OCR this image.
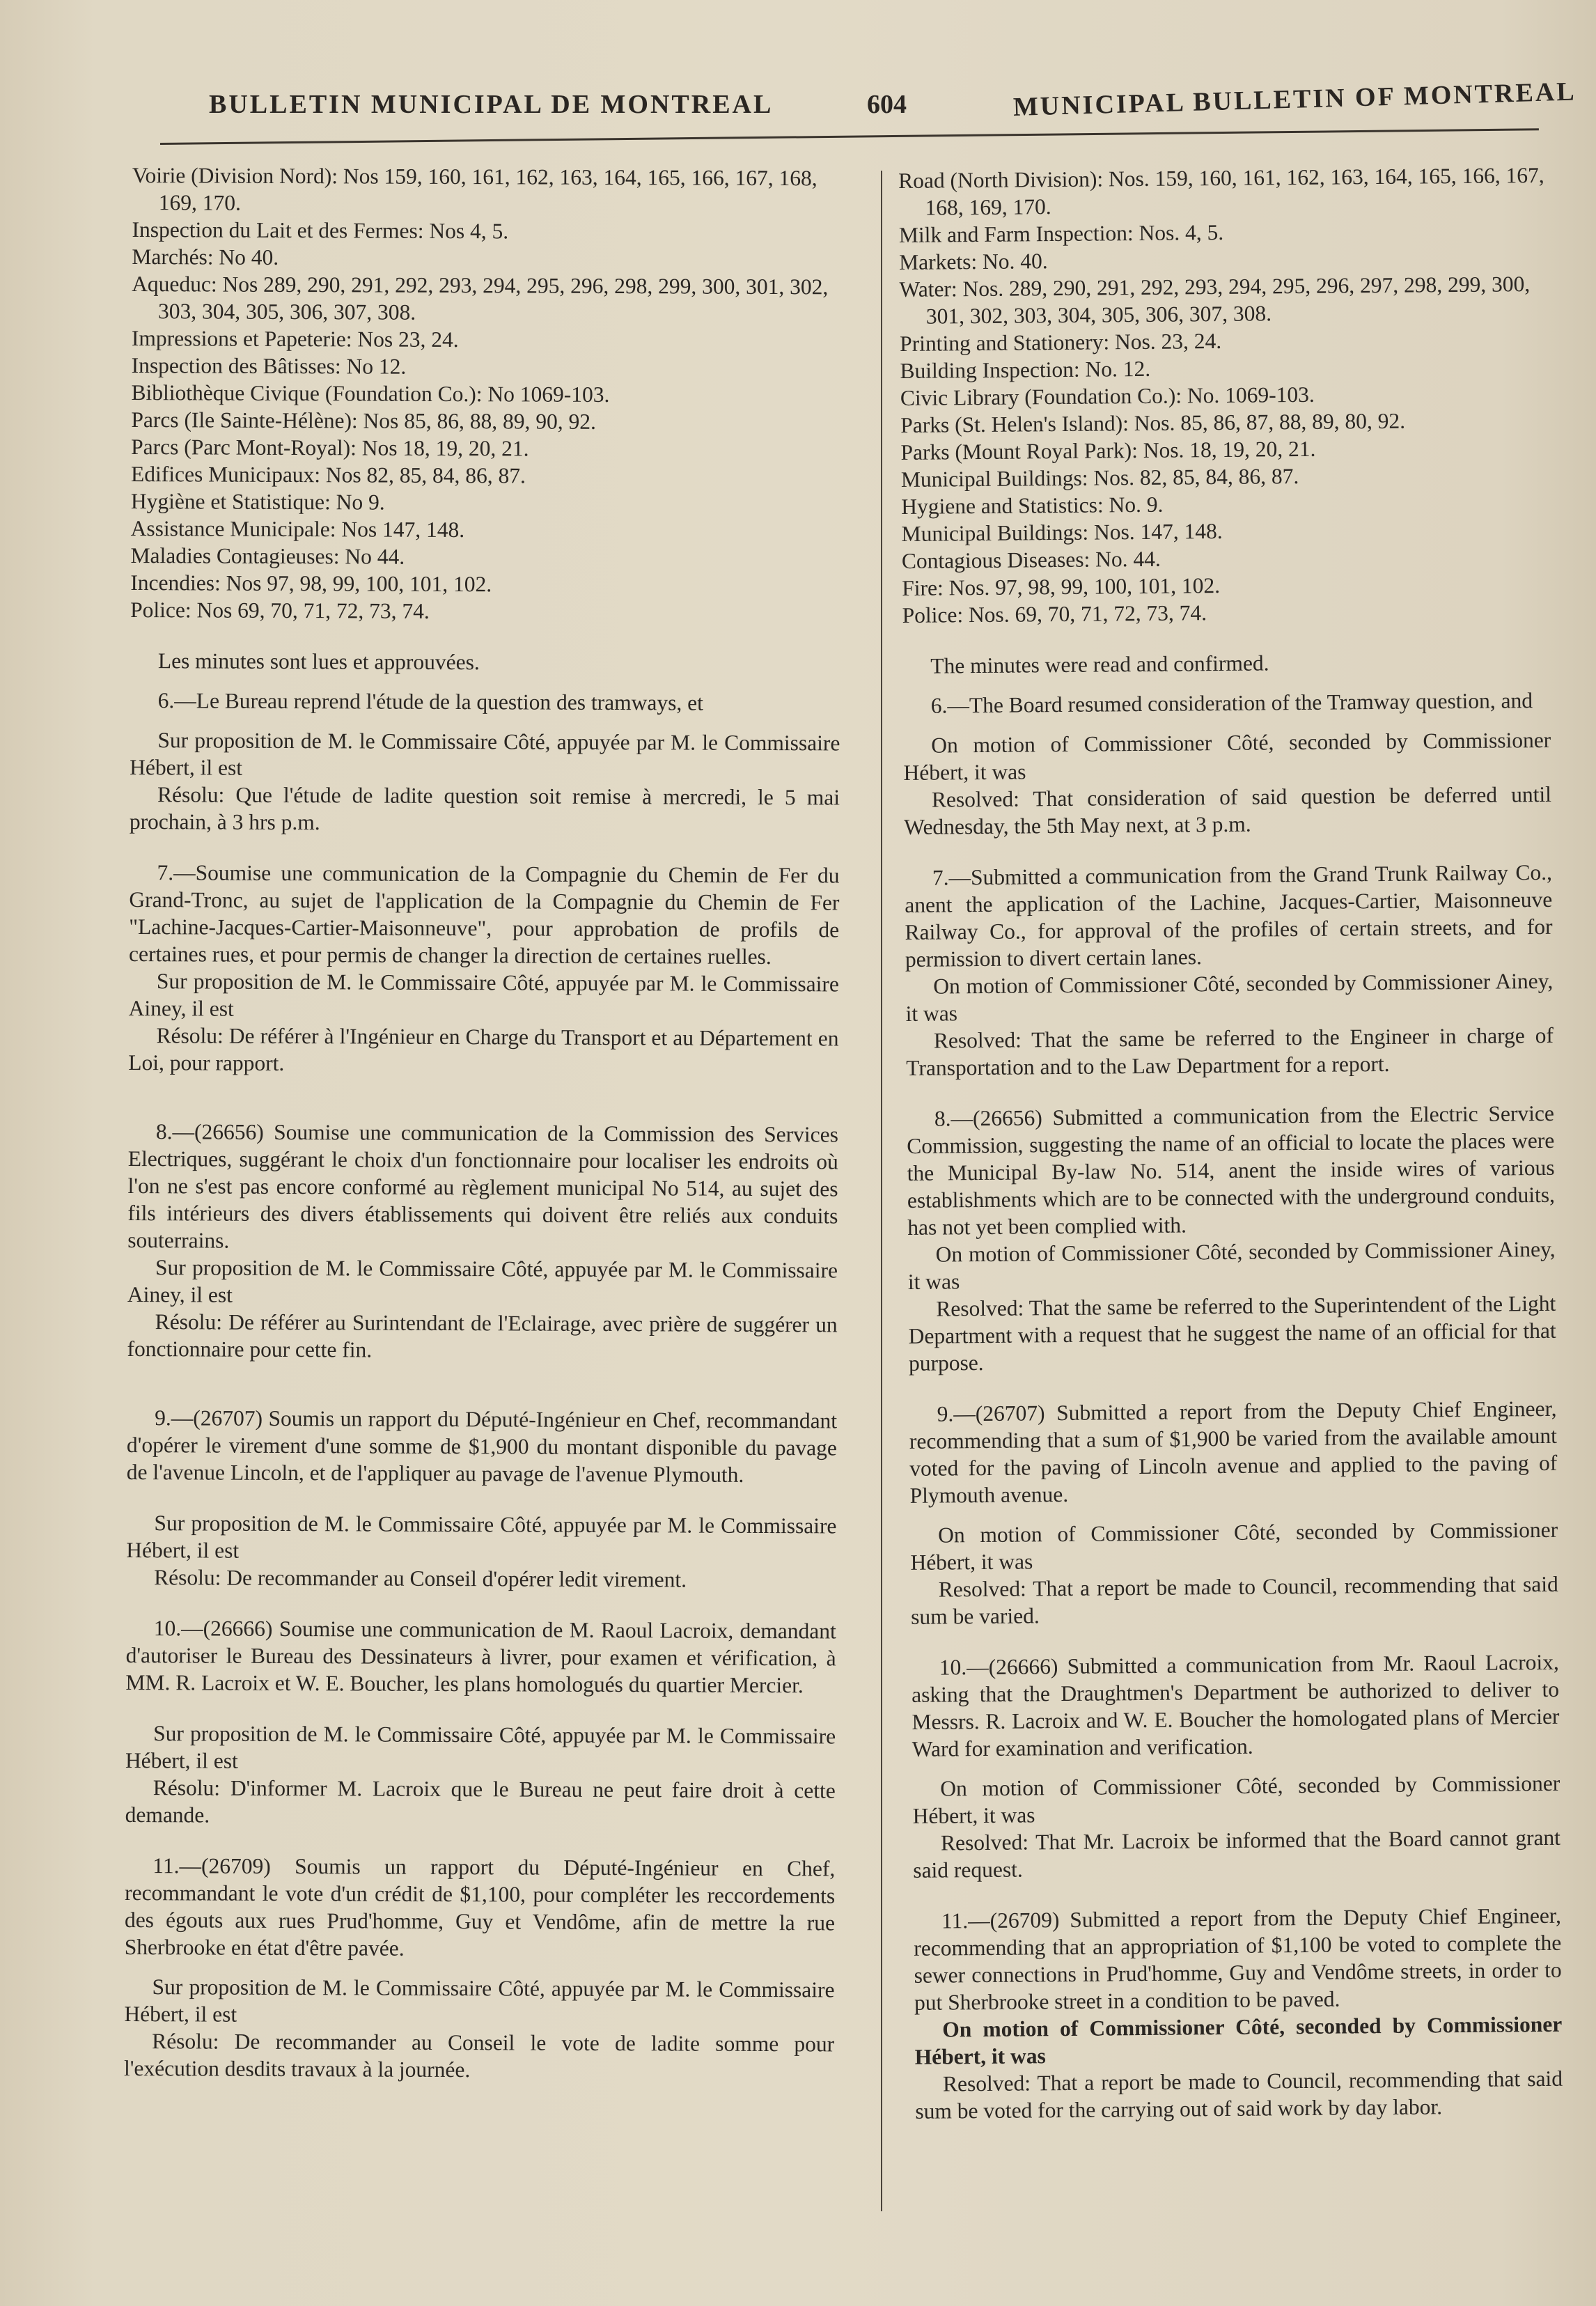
BULLETIN MUNICIPAL DE MONTREAL	604	MUNICIPAL BULLETIN OF MONTREAL
Voirie (Division Nord): Nos 159, 160, 161, 162, 163, 164, 165, 166, 167, 168, 169, 170.
Inspection du Lait et des Fermes: Nos 4, 5.
Marchés: No 40.
Aqueduc: Nos 289, 290, 291, 292, 293, 294, 295, 296, 298, 299, 300, 301, 302, 303, 304, 305, 306, 307, 308.
Impressions et Papeterie: Nos 23, 24.
Inspection des Bâtisses: No 12.
Bibliothèque Civique (Foundation Co.): No 1069-103.
Parcs (Ile Sainte-Hélène): Nos 85, 86, 88, 89, 90, 92.
Parcs (Parc Mont-Royal): Nos 18, 19, 20, 21.
Edifices Municipaux: Nos 82, 85, 84, 86, 87.
Hygiène et Statistique: No 9.
Assistance Municipale: Nos 147, 148.
Maladies Contagieuses: No 44.
Incendies: Nos 97, 98, 99, 100, 101, 102.
Police: Nos 69, 70, 71, 72, 73, 74.

Les minutes sont lues et approuvées.

6.—Le Bureau reprend l'étude de la question des tramways, et

Sur proposition de M. le Commissaire Côté, appuyée par M. le Commissaire Hébert, il est

Résolu: Que l'étude de ladite question soit remise à mercredi, le 5 mai prochain, à 3 hrs p.m.

7.—Soumise une communication de la Compagnie du Chemin de Fer du Grand-Tronc, au sujet de l'application de la Compagnie du Chemin de Fer "Lachine-Jacques-Cartier-Maisonneuve", pour approbation de profils de certaines rues, et pour permis de changer la direction de certaines ruelles.

Sur proposition de M. le Commissaire Côté, appuyée par M. le Commissaire Ainey, il est

Résolu: De référer à l'Ingénieur en Charge du Transport et au Département en Loi, pour rapport.

8.—(26656) Soumise une communication de la Commission des Services Electriques, suggérant le choix d'un fonctionnaire pour localiser les endroits où l'on ne s'est pas encore conformé au règlement municipal No 514, au sujet des fils intérieurs des divers établissements qui doivent être reliés aux conduits souterrains.

Sur proposition de M. le Commissaire Côté, appuyée par M. le Commissaire Ainey, il est

Résolu: De référer au Surintendant de l'Eclairage, avec prière de suggérer un fonctionnaire pour cette fin.

9.—(26707) Soumis un rapport du Député-Ingénieur en Chef, recommandant d'opérer le virement d'une somme de $1,900 du montant disponible du pavage de l'avenue Lincoln, et de l'appliquer au pavage de l'avenue Plymouth.

Sur proposition de M. le Commissaire Côté, appuyée par M. le Commissaire Hébert, il est

Résolu: De recommander au Conseil d'opérer ledit virement.

10.—(26666) Soumise une communication de M. Raoul Lacroix, demandant d'autoriser le Bureau des Dessinateurs à livrer, pour examen et vérification, à MM. R. Lacroix et W. E. Boucher, les plans homologués du quartier Mercier.

Sur proposition de M. le Commissaire Côté, appuyée par M. le Commissaire Hébert, il est

Résolu: D'informer M. Lacroix que le Bureau ne peut faire droit à cette demande.

11.—(26709) Soumis un rapport du Député-Ingénieur en Chef, recommandant le vote d'un crédit de $1,100, pour compléter les reccordements des égouts aux rues Prud'homme, Guy et Vendôme, afin de mettre la rue Sherbrooke en état d'être pavée.

Sur proposition de M. le Commissaire Côté, appuyée par M. le Commissaire Hébert, il est

Résolu: De recommander au Conseil le vote de ladite somme pour l'exécution desdits travaux à la journée.

Road (North Division): Nos. 159, 160, 161, 162, 163, 164, 165, 166, 167, 168, 169, 170.
Milk and Farm Inspection: Nos. 4, 5.
Markets: No. 40.
Water: Nos. 289, 290, 291, 292, 293, 294, 295, 296, 297, 298, 299, 300, 301, 302, 303, 304, 305, 306, 307, 308.
Printing and Stationery: Nos. 23, 24.
Building Inspection: No. 12.
Civic Library (Foundation Co.): No. 1069-103.
Parks (St. Helen's Island): Nos. 85, 86, 87, 88, 89, 80, 92.
Parks (Mount Royal Park): Nos. 18, 19, 20, 21.
Municipal Buildings: Nos. 82, 85, 84, 86, 87.
Hygiene and Statistics: No. 9.
Municipal Buildings: Nos. 147, 148.
Contagious Diseases: No. 44.
Fire: Nos. 97, 98, 99, 100, 101, 102.
Police: Nos. 69, 70, 71, 72, 73, 74.

The minutes were read and confirmed.

6.—The Board resumed consideration of the Tramway question, and

On motion of Commissioner Côté, seconded by Commissioner Hébert, it was

Resolved: That consideration of said question be deferred until Wednesday, the 5th May next, at 3 p.m.

7.—Submitted a communication from the Grand Trunk Railway Co., anent the application of the Lachine, Jacques-Cartier, Maisonneuve Railway Co., for approval of the profiles of certain streets, and for permission to divert certain lanes.

On motion of Commissioner Côté, seconded by Commissioner Ainey, it was

Resolved: That the same be referred to the Engineer in charge of Transportation and to the Law Department for a report.

8.—(26656) Submitted a communication from the Electric Service Commission, suggesting the name of an official to locate the places were the Municipal By-law No. 514, anent the inside wires of various establishments which are to be connected with the underground conduits, has not yet been complied with.

On motion of Commissioner Côté, seconded by Commissioner Ainey, it was

Resolved: That the same be referred to the Superintendent of the Light Department with a request that he suggest the name of an official for that purpose.

9.—(26707) Submitted a report from the Deputy Chief Engineer, recommending that a sum of $1,900 be varied from the available amount voted for the paving of Lincoln avenue and applied to the paving of Plymouth avenue.

On motion of Commissioner Côté, seconded by Commissioner Hébert, it was

Resolved: That a report be made to Council, recommending that said sum be varied.

10.—(26666) Submitted a communication from Mr. Raoul Lacroix, asking that the Draughtmen's Department be authorized to deliver to Messrs. R. Lacroix and W. E. Boucher the homologated plans of Mercier Ward for examination and verification.

On motion of Commissioner Côté, seconded by Commissioner Hébert, it was

Resolved: That Mr. Lacroix be informed that the Board cannot grant said request.

11.—(26709) Submitted a report from the Deputy Chief Engineer, recommending that an appropriation of $1,100 be voted to complete the sewer connections in Prud'homme, Guy and Vendôme streets, in order to put Sherbrooke street in a condition to be paved.

On motion of Commissioner Côté, seconded by Commissioner Hébert, it was

Resolved: That a report be made to Council, recommending that said sum be voted for the carrying out of said work by day labor.
